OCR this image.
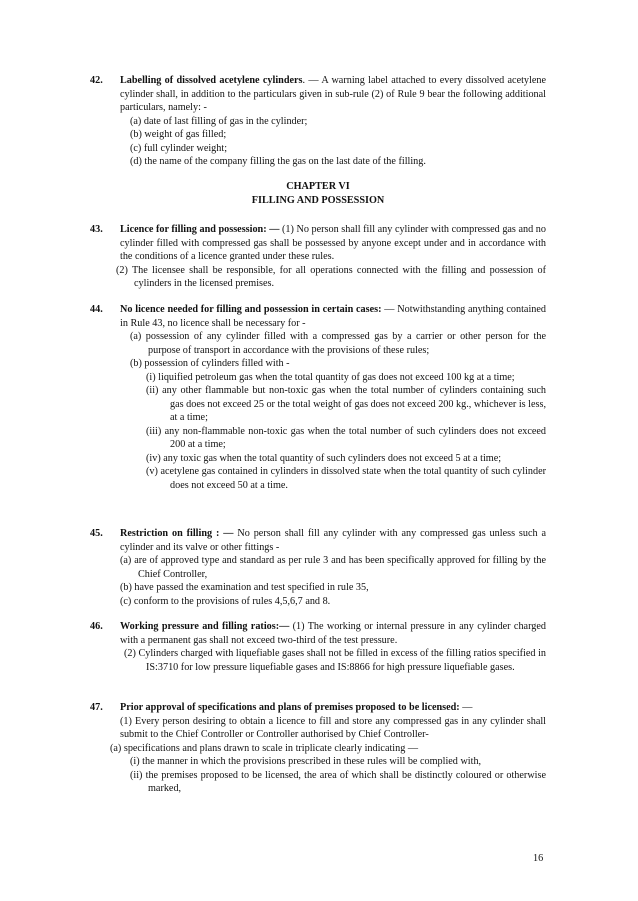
42. Labelling of dissolved acetylene cylinders. — A warning label attached to every dissolved acetylene cylinder shall, in addition to the particulars given in sub-rule (2) of Rule 9 bear the following additional particulars, namely: -
(a) date of last filling of gas in the cylinder;
(b) weight of gas filled;
(c) full cylinder weight;
(d) the name of the company filling the gas on the last date of the filling.
CHAPTER VI
FILLING AND POSSESSION
43. Licence for filling and possession: — (1) No person shall fill any cylinder with compressed gas and no cylinder filled with compressed gas shall be possessed by anyone except under and in accordance with the conditions of a licence granted under these rules.
(2) The licensee shall be responsible, for all operations connected with the filling and possession of cylinders in the licensed premises.
44. No licence needed for filling and possession in certain cases: — Notwithstanding anything contained in Rule 43, no licence shall be necessary for -
(a) possession of any cylinder filled with a compressed gas by a carrier or other person for the purpose of transport in accordance with the provisions of these rules;
(b) possession of cylinders filled with -
(i) liquified petroleum gas when the total quantity of gas does not exceed 100 kg at a time;
(ii) any other flammable but non-toxic gas when the total number of cylinders containing such gas does not exceed 25 or the total weight of gas does not exceed 200 kg., whichever is less, at a time;
(iii) any non-flammable non-toxic gas when the total number of such cylinders does not exceed 200 at a time;
(iv) any toxic gas when the total quantity of such cylinders does not exceed 5 at a time;
(v) acetylene gas contained in cylinders in dissolved state when the total quantity of such cylinder does not exceed 50 at a time.
45. Restriction on filling : — No person shall fill any cylinder with any compressed gas unless such a cylinder and its valve or other fittings -
(a) are of approved type and standard as per rule 3 and has been specifically approved for filling by the Chief Controller,
(b) have passed the examination and test specified in rule 35,
(c) conform to the provisions of rules 4,5,6,7 and 8.
46. Working pressure and filling ratios:— (1) The working or internal pressure in any cylinder charged with a permanent gas shall not exceed two-third of the test pressure.
(2) Cylinders charged with liquefiable gases shall not be filled in excess of the filling ratios specified in IS:3710 for low pressure liquefiable gases and IS:8866 for high pressure liquefiable gases.
47. Prior approval of specifications and plans of premises proposed to be licensed: —
(1) Every person desiring to obtain a licence to fill and store any compressed gas in any cylinder shall submit to the Chief Controller or Controller authorised by Chief Controller-
(a) specifications and plans drawn to scale in triplicate clearly indicating —
(i) the manner in which the provisions prescribed in these rules will be complied with,
(ii) the premises proposed to be licensed, the area of which shall be distinctly coloured or otherwise marked,
16
